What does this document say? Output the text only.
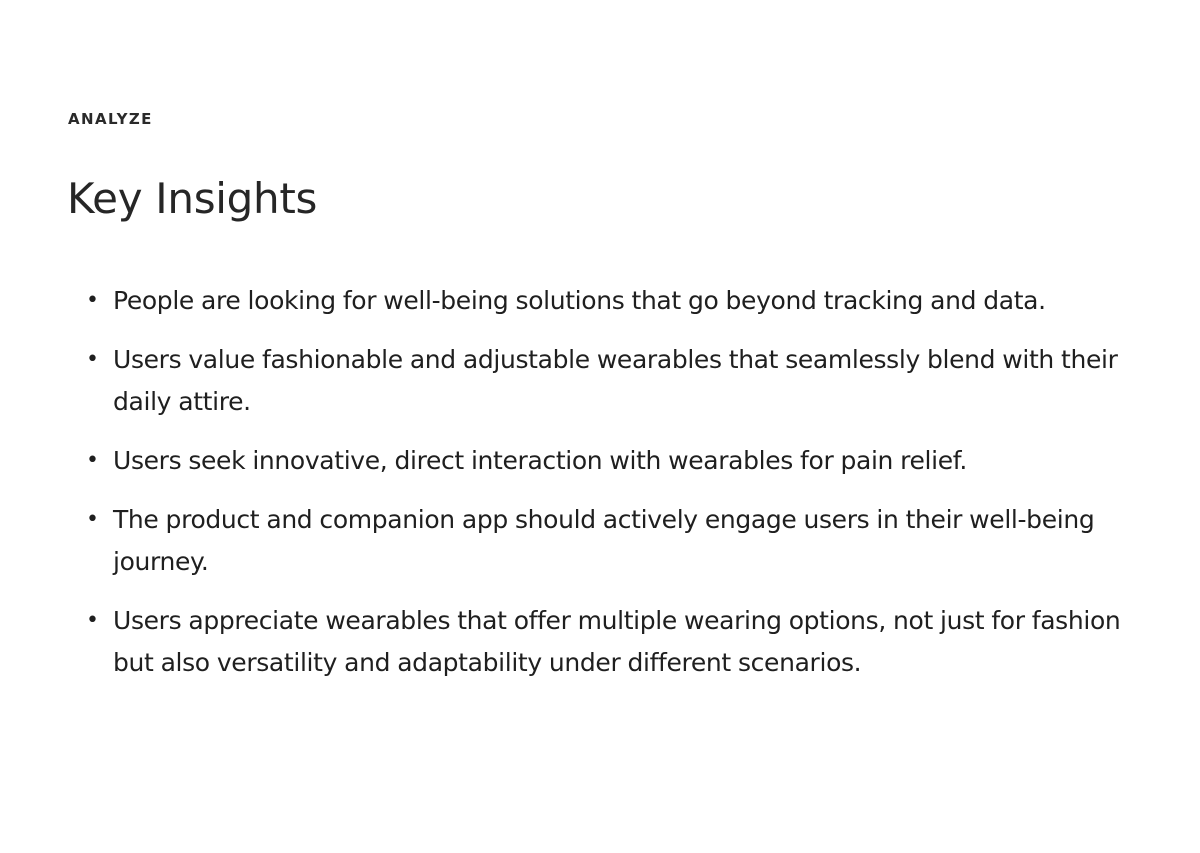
ANALYZE

Key Insights
• People are looking for well-being solutions that go beyond tracking and data.
• Users value fashionable and adjustable wearables that seamlessly blend with their daily attire.
• Users seek innovative, direct interaction with wearables for pain relief.
• The product and companion app should actively engage users in their well-being journey.
• Users appreciate wearables that offer multiple wearing options, not just for fashion but also versatility and adaptability under different scenarios.
